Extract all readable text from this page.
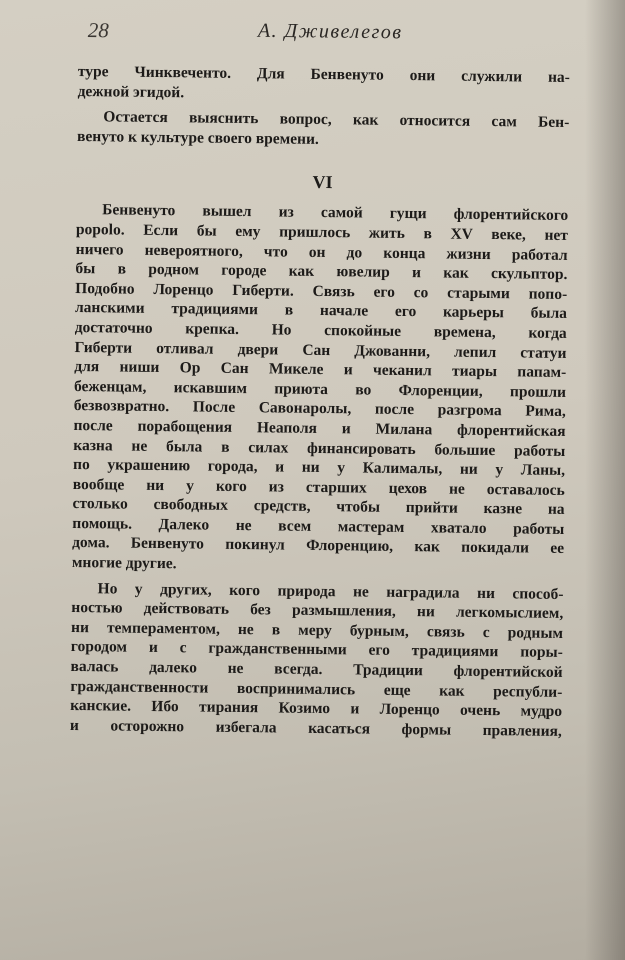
28	А. Дживелегов
туре Чинквеченто. Для Бенвенуто они служили на-
дежной эгидой.
Остается выяснить вопрос, как относится сам Бен-
венуто к культуре своего времени.
VI
Бенвенуто вышел из самой гущи флорентийского
popolo. Если бы ему пришлось жить в XV веке, нет
ничего невероятного, что он до конца жизни работал
бы в родном городе как ювелир и как скульптор.
Подобно Лоренцо Гиберти. Связь его со старыми попо-
ланскими традициями в начале его карьеры была
достаточно крепка. Но спокойные времена, когда
Гиберти отливал двери Сан Джованни, лепил статуи
для ниши Ор Сан Микеле и чеканил тиары папам-
беженцам, искавшим приюта во Флоренции, прошли
безвозвратно. После Савонаролы, после разгрома Рима,
после порабощения Неаполя и Милана флорентийская
казна не была в силах финансировать большие работы
по украшению города, и ни у Калималы, ни у Ланы,
вообще ни у кого из старших цехов не оставалось
столько свободных средств, чтобы прийти казне на
помощь. Далеко не всем мастерам хватало работы
дома. Бенвенуто покинул Флоренцию, как покидали ее
многие другие.
Но у других, кого природа не наградила ни способ-
ностью действовать без размышления, ни легкомыслием,
ни темпераментом, не в меру бурным, связь с родным
городом и с гражданственными его традициями поры-
валась далеко не всегда. Традиции флорентийской
гражданственности воспринимались еще как республи-
канские. Ибо тирания Козимо и Лоренцо очень мудро
и осторожно избегала касаться формы правления,
